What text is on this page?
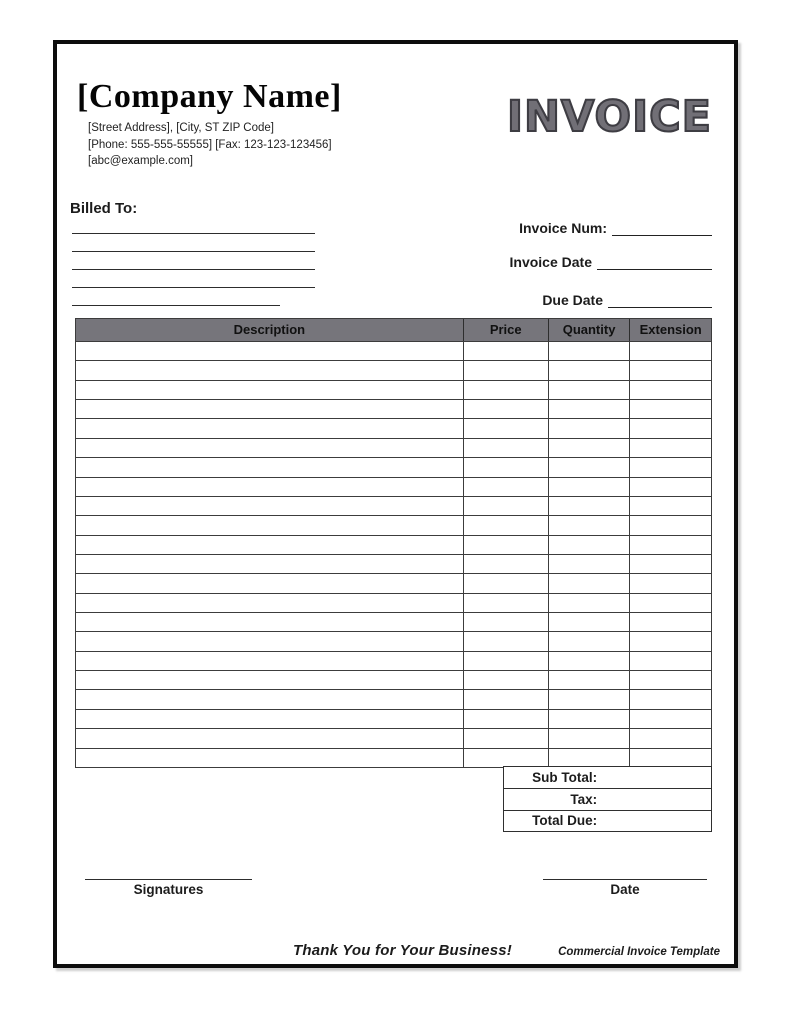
[Company Name]
[Street Address], [City, ST ZIP Code]
[Phone: 555-555-55555] [Fax: 123-123-123456]
[abc@example.com]
INVOICE
Billed To:
Invoice Num:
Invoice Date
Due Date
Description	Price	Quantity	Extension
Sub Total:
Tax:
Total Due:
Signatures	Date
Thank You for Your Business!	Commercial Invoice Template
